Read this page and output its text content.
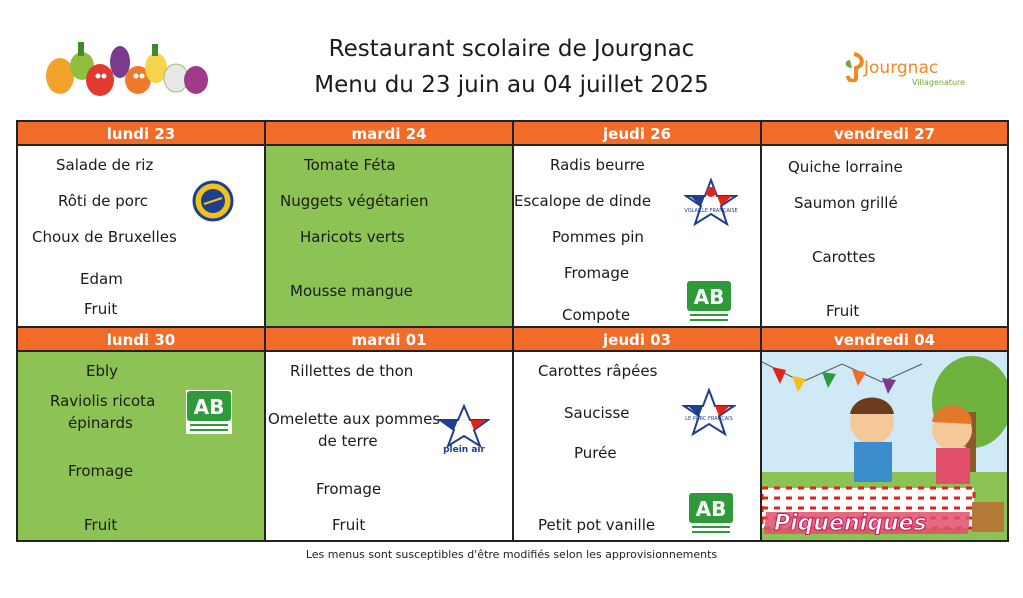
Restaurant scolaire de Jourgnac
Menu du 23 juin au 04 juillet 2025
Jourgnac
Villagenature
lundi 23
Salade de riz
Rôti de porc
Choux de Bruxelles
Edam
Fruit
mardi 24
Tomate Féta
Nuggets végétarien
Haricots verts
Mousse mangue
jeudi 26
Radis beurre
Escalope de dinde
Pommes pin
Fromage
Compote
VOLAILLE FRANÇAISE
AB
vendredi 27
Quiche lorraine
Saumon grillé
Carottes
Fruit
lundi 30
Ebly
Raviolis ricota
épinards
Fromage
Fruit
AB
mardi 01
Rillettes de thon
Omelette aux pommes
de terre
Fromage
Fruit
plein air
jeudi 03
Carottes râpées
Saucisse
Purée
Petit pot vanille
LE PORC FRANÇAIS
AB
vendredi 04
Piqueniques
Les menus sont susceptibles d'être modifiés selon les approvisionnements
